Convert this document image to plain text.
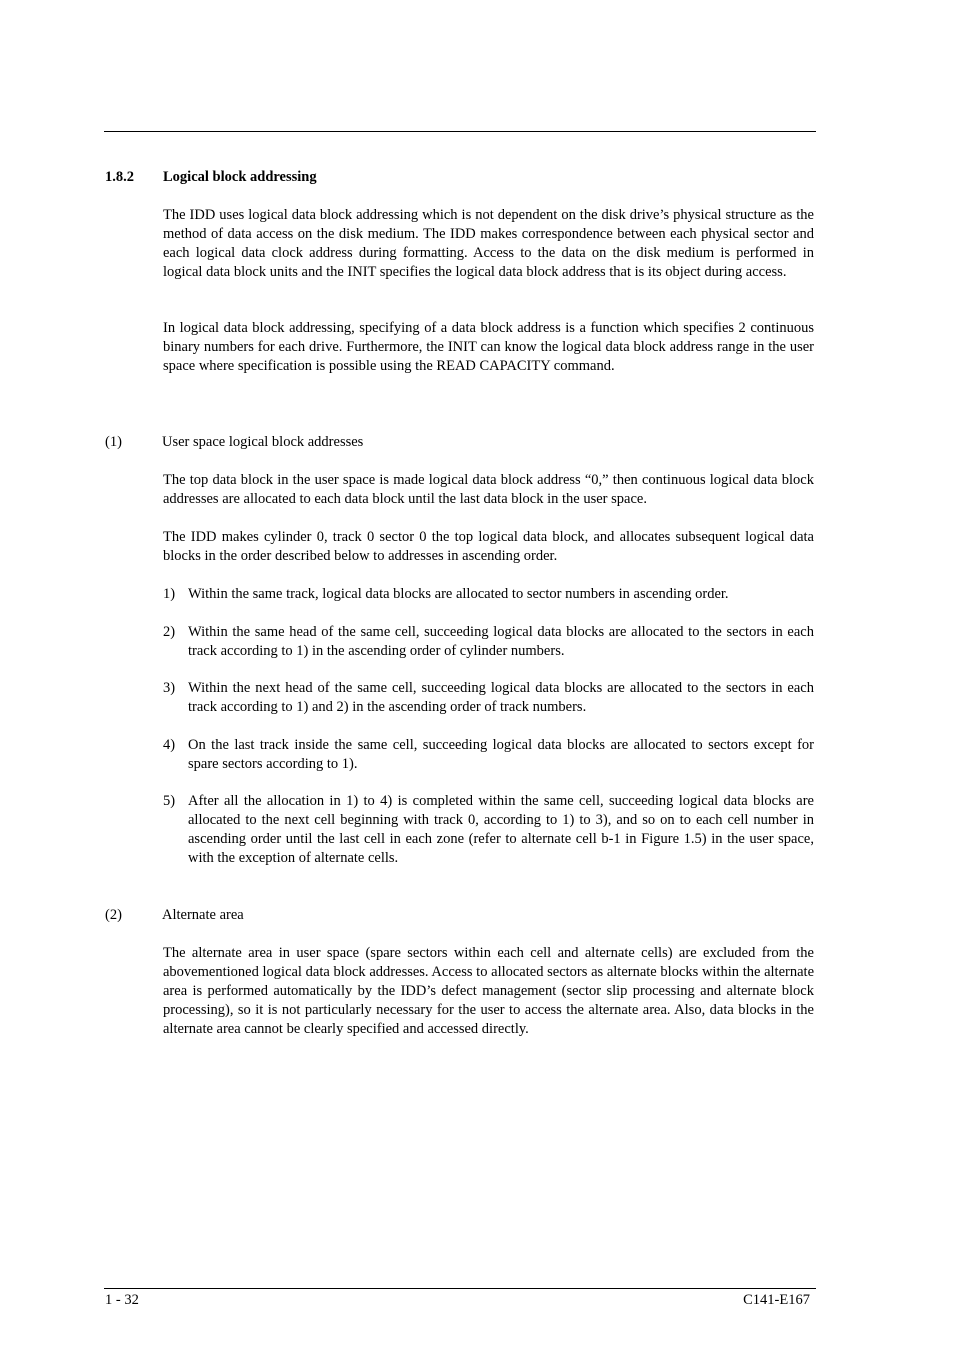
1.8.2 Logical block addressing

The IDD uses logical data block addressing which is not dependent on the disk drive’s physical structure as the method of data access on the disk medium. The IDD makes correspondence between each physical sector and each logical data clock address during formatting. Access to the data on the disk medium is performed in logical data block units and the INIT specifies the logical data block address that is its object during access.

In logical data block addressing, specifying of a data block address is a function which specifies 2 continuous binary numbers for each drive. Furthermore, the INIT can know the logical data block address range in the user space where specification is possible using the READ CAPACITY command.

(1)	User space logical block addresses

The top data block in the user space is made logical data block address “0,” then continuous logical data block addresses are allocated to each data block until the last data block in the user space.

The IDD makes cylinder 0, track 0 sector 0 the top logical data block, and allocates subsequent logical data blocks in the order described below to addresses in ascending order.

1) Within the same track, logical data blocks are allocated to sector numbers in ascending order.
2) Within the same head of the same cell, succeeding logical data blocks are allocated to the sectors in each track according to 1) in the ascending order of cylinder numbers.
3) Within the next head of the same cell, succeeding logical data blocks are allocated to the sectors in each track according to 1) and 2) in the ascending order of track numbers.
4) On the last track inside the same cell, succeeding logical data blocks are allocated to sectors except for spare sectors according to 1).
5) After all the allocation in 1) to 4) is completed within the same cell, succeeding logical data blocks are allocated to the next cell beginning with track 0, according to 1) to 3), and so on to each cell number in ascending order until the last cell in each zone (refer to alternate cell b-1 in Figure 1.5) in the user space, with the exception of alternate cells.
(2)	Alternate area

The alternate area in user space (spare sectors within each cell and alternate cells) are excluded from the abovementioned logical data block addresses. Access to allocated sectors as alternate blocks within the alternate area is performed automatically by the IDD’s defect management (sector slip processing and alternate block processing), so it is not particularly necessary for the user to access the alternate area. Also, data blocks in the alternate area cannot be clearly specified and accessed directly.

1 - 32	C141-E167
